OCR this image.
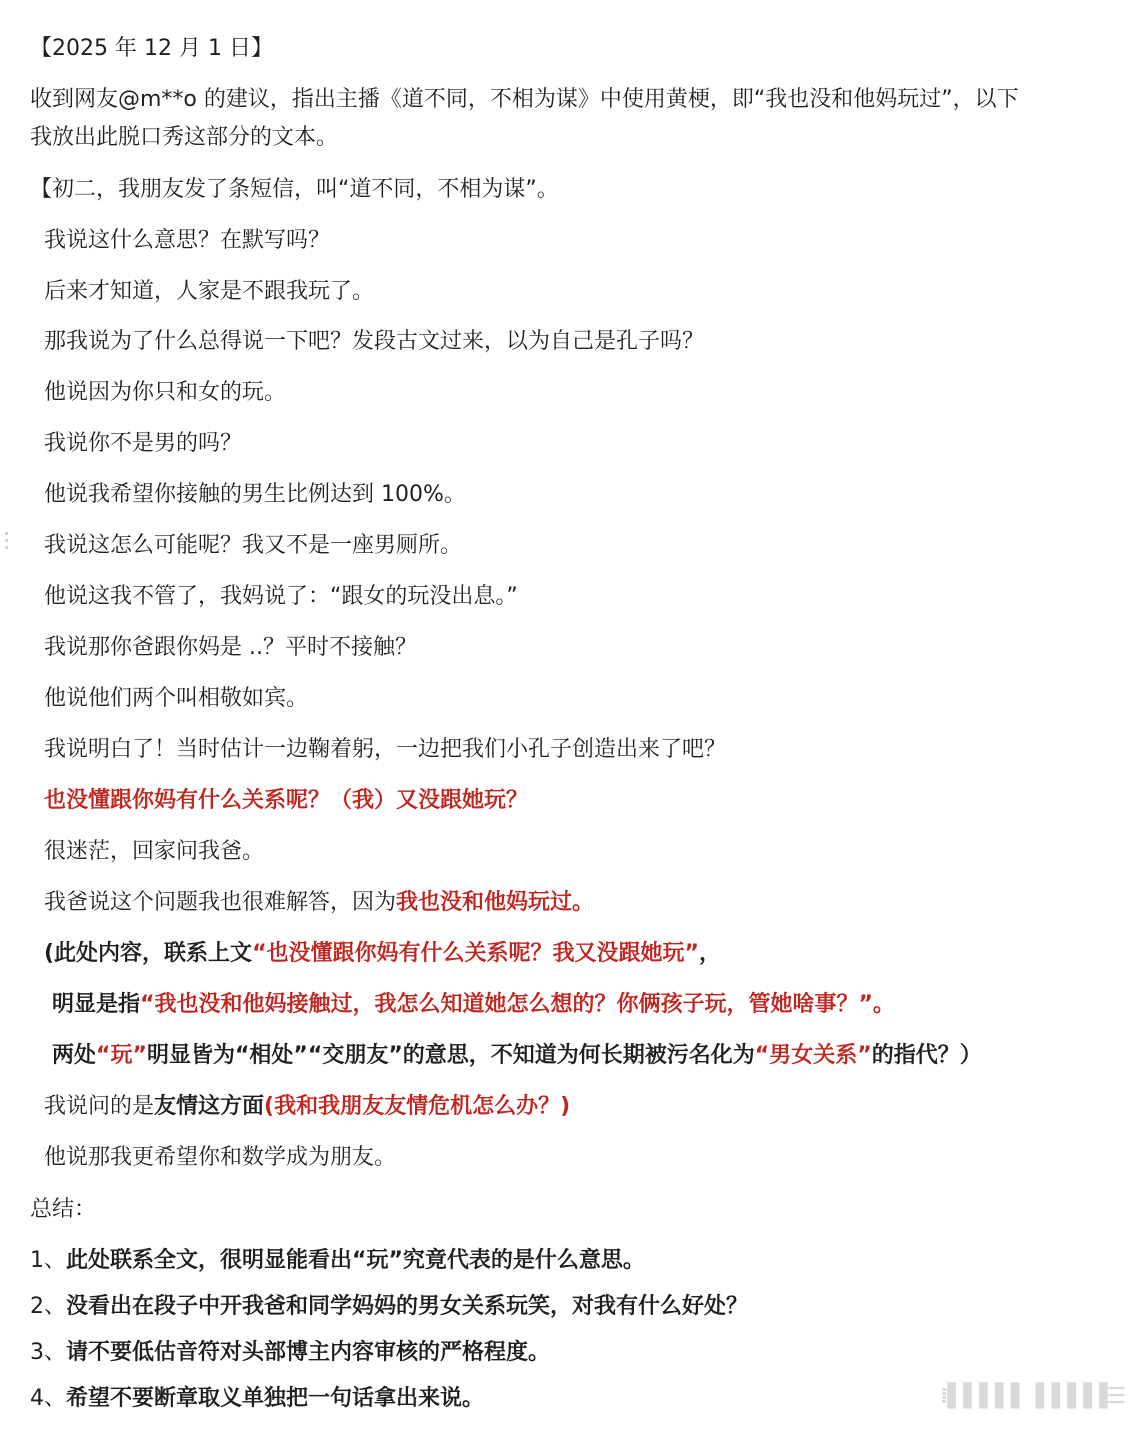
【2025 年 12 月 1 日】
收到网友@m**o 的建议，指出主播《道不同，不相为谋》中使用黄梗，即“我也没和他妈玩过”，以下
我放出此脱口秀这部分的文本。
【初二，我朋友发了条短信，叫“道不同，不相为谋”。
我说这什么意思？在默写吗？
后来才知道，人家是不跟我玩了。
那我说为了什么总得说一下吧？发段古文过来，以为自己是孔子吗？
他说因为你只和女的玩。
我说你不是男的吗？
他说我希望你接触的男生比例达到 100%。
我说这怎么可能呢？我又不是一座男厕所。
他说这我不管了，我妈说了：“跟女的玩没出息。”
我说那你爸跟你妈是 ..？平时不接触？
他说他们两个叫相敬如宾。
我说明白了！当时估计一边鞠着躬，一边把我们小孔子创造出来了吧？
也没懂跟你妈有什么关系呢？（我）又没跟她玩？
很迷茫，回家问我爸。
我爸说这个问题我也很难解答，因为我也没和他妈玩过。
(此处内容，联系上文“也没懂跟你妈有什么关系呢？我又没跟她玩”，
明显是指“我也没和他妈接触过，我怎么知道她怎么想的？你俩孩子玩，管她啥事？”。
两处“玩”明显皆为“相处”“交朋友”的意思，不知道为何长期被污名化为“男女关系”的指代？）
我说问的是友情这方面(我和我朋友友情危机怎么办？)
他说那我更希望你和数学成为朋友。
总结：
1、此处联系全文，很明显能看出“玩”究竟代表的是什么意思。
2、没看出在段子中开我爸和同学妈妈的男女关系玩笑，对我有什么好处？
3、请不要低估音符对头部博主内容审核的严格程度。
4、希望不要断章取义单独把一句话拿出来说。	⁞▌▌▌▌▌▐▐▐▐▐☰
